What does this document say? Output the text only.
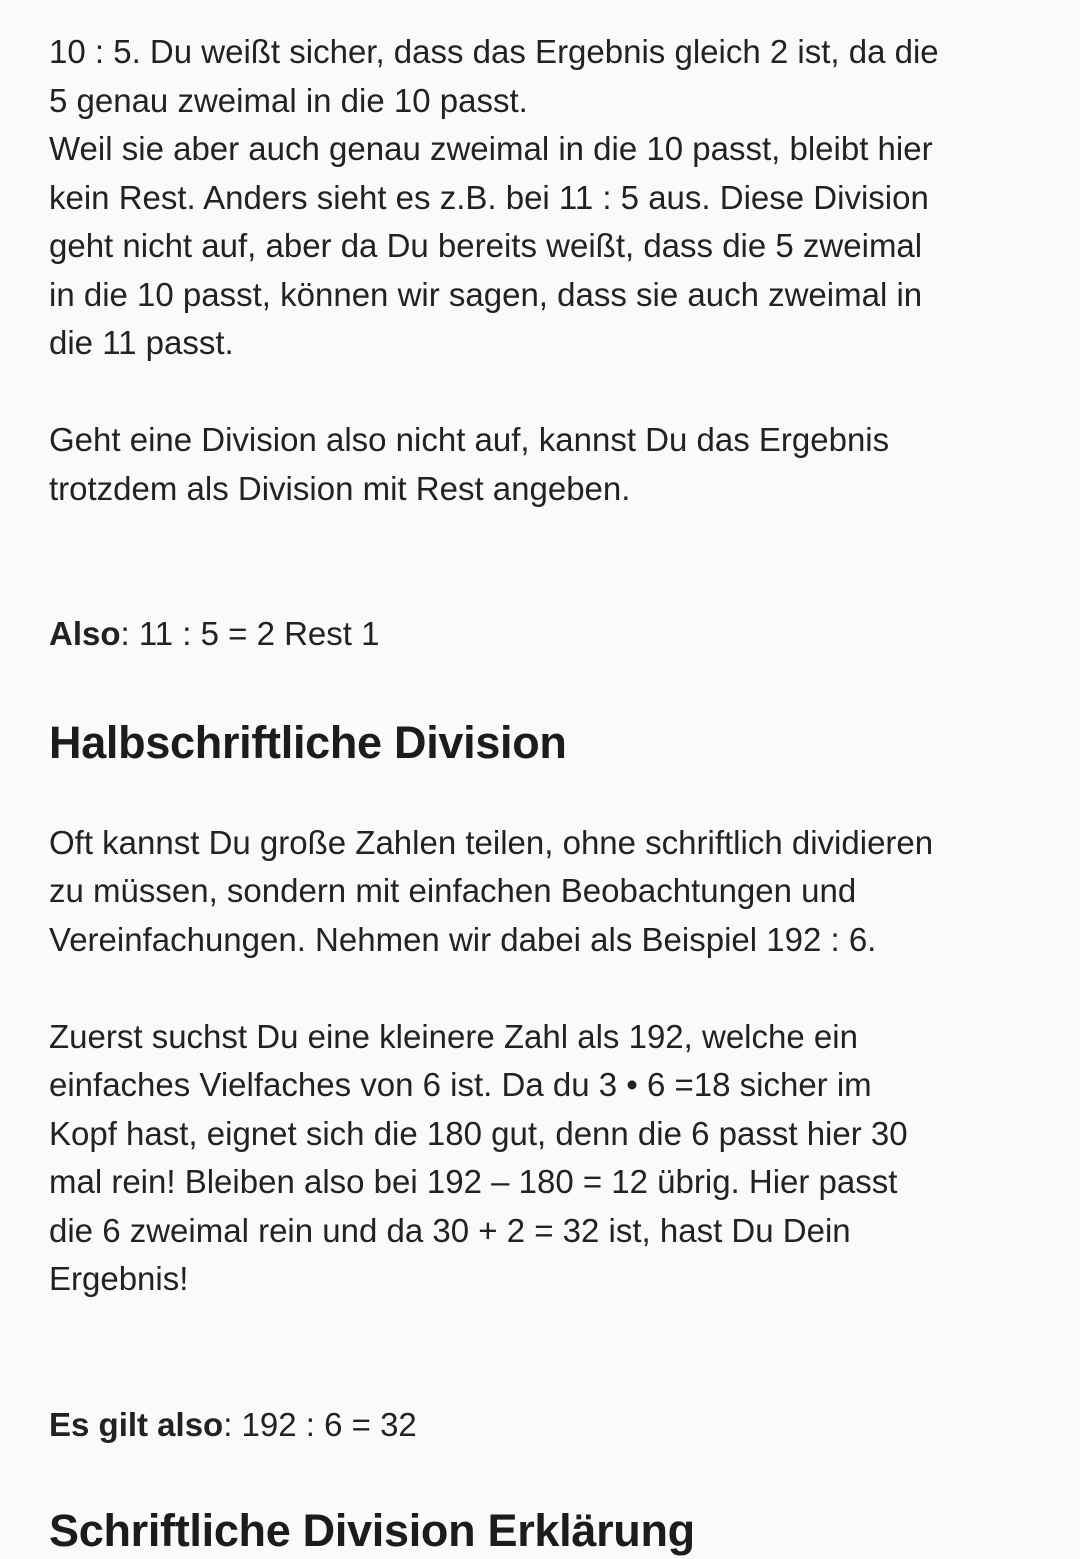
10 : 5. Du weißt sicher, dass das Ergebnis gleich 2 ist, da die
5 genau zweimal in die 10 passt.
Weil sie aber auch genau zweimal in die 10 passt, bleibt hier
kein Rest. Anders sieht es z.B. bei 11 : 5 aus. Diese Division
geht nicht auf, aber da Du bereits weißt, dass die 5 zweimal
in die 10 passt, können wir sagen, dass sie auch zweimal in
die 11 passt.

Geht eine Division also nicht auf, kannst Du das Ergebnis
trotzdem als Division mit Rest angeben.

Also: 11 : 5 = 2 Rest 1

Halbschriftliche Division

Oft kannst Du große Zahlen teilen, ohne schriftlich dividieren
zu müssen, sondern mit einfachen Beobachtungen und
Vereinfachungen. Nehmen wir dabei als Beispiel 192 : 6.

Zuerst suchst Du eine kleinere Zahl als 192, welche ein
einfaches Vielfaches von 6 ist. Da du 3 • 6 =18 sicher im
Kopf hast, eignet sich die 180 gut, denn die 6 passt hier 30
mal rein! Bleiben also bei 192 – 180 = 12 übrig. Hier passt
die 6 zweimal rein und da 30 + 2 = 32 ist, hast Du Dein
Ergebnis!

Es gilt also: 192 : 6 = 32

Schriftliche Division Erklärung
